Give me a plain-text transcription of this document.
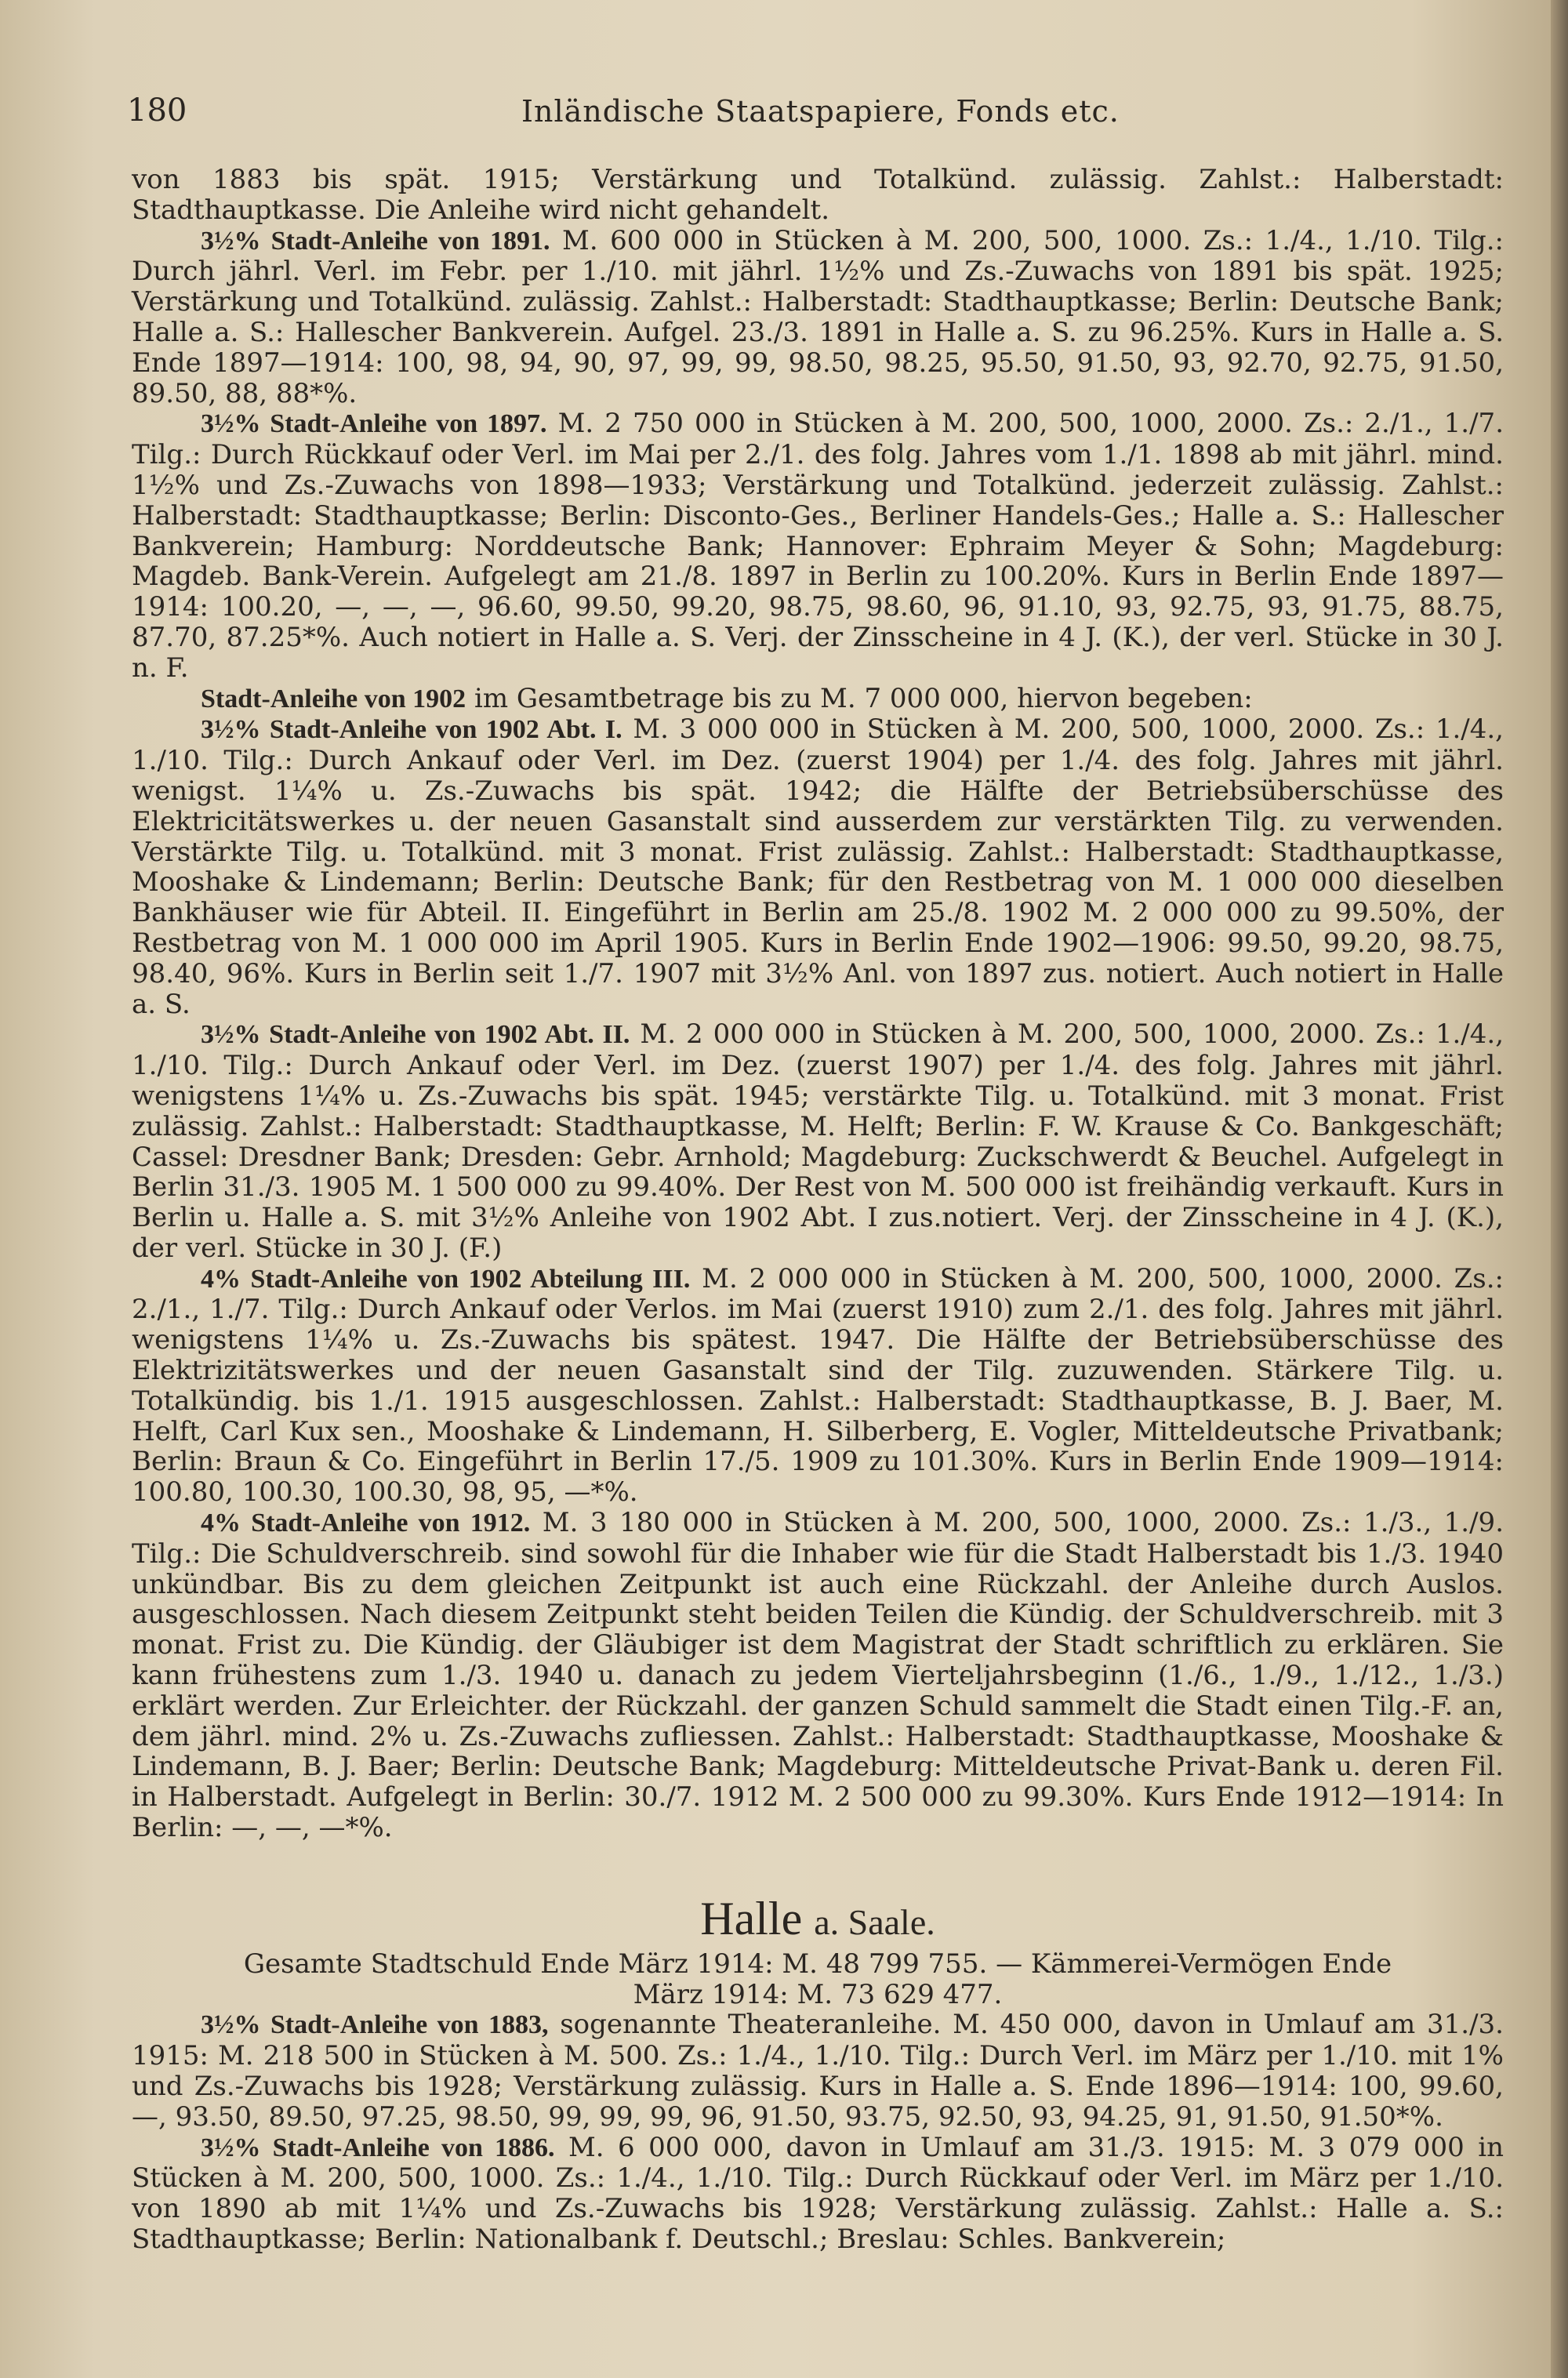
180	Inländische Staatspapiere, Fonds etc.

von 1883 bis spät. 1915; Verstärkung und Totalkünd. zulässig. Zahlst.: Halberstadt: Stadthauptkasse. Die Anleihe wird nicht gehandelt.

3½% Stadt-Anleihe von 1891. M. 600 000 in Stücken à M. 200, 500, 1000. Zs.: 1./4., 1./10. Tilg.: Durch jährl. Verl. im Febr. per 1./10. mit jährl. 1½% und Zs.-Zuwachs von 1891 bis spät. 1925; Verstärkung und Totalkünd. zulässig. Zahlst.: Halberstadt: Stadthauptkasse; Berlin: Deutsche Bank; Halle a. S.: Hallescher Bankverein. Aufgel. 23./3. 1891 in Halle a. S. zu 96.25%. Kurs in Halle a. S. Ende 1897—1914: 100, 98, 94, 90, 97, 99, 99, 98.50, 98.25, 95.50, 91.50, 93, 92.70, 92.75, 91.50, 89.50, 88, 88*%.

3½% Stadt-Anleihe von 1897. M. 2 750 000 in Stücken à M. 200, 500, 1000, 2000. Zs.: 2./1., 1./7. Tilg.: Durch Rückkauf oder Verl. im Mai per 2./1. des folg. Jahres vom 1./1. 1898 ab mit jährl. mind. 1½% und Zs.-Zuwachs von 1898—1933; Verstärkung und Totalkünd. jederzeit zulässig. Zahlst.: Halberstadt: Stadthauptkasse; Berlin: Disconto-Ges., Berliner Handels-Ges.; Halle a. S.: Hallescher Bankverein; Hamburg: Norddeutsche Bank; Hannover: Ephraim Meyer & Sohn; Magdeburg: Magdeb. Bank-Verein. Aufgelegt am 21./8. 1897 in Berlin zu 100.20%. Kurs in Berlin Ende 1897—1914: 100.20, —, —, —, 96.60, 99.50, 99.20, 98.75, 98.60, 96, 91.10, 93, 92.75, 93, 91.75, 88.75, 87.70, 87.25*%. Auch notiert in Halle a. S. Verj. der Zinsscheine in 4 J. (K.), der verl. Stücke in 30 J. n. F.

Stadt-Anleihe von 1902 im Gesamtbetrage bis zu M. 7 000 000, hiervon begeben:

3½% Stadt-Anleihe von 1902 Abt. I. M. 3 000 000 in Stücken à M. 200, 500, 1000, 2000. Zs.: 1./4., 1./10. Tilg.: Durch Ankauf oder Verl. im Dez. (zuerst 1904) per 1./4. des folg. Jahres mit jährl. wenigst. 1¼% u. Zs.-Zuwachs bis spät. 1942; die Hälfte der Betriebsüberschüsse des Elektricitätswerkes u. der neuen Gasanstalt sind ausserdem zur verstärkten Tilg. zu verwenden. Verstärkte Tilg. u. Totalkünd. mit 3 monat. Frist zulässig. Zahlst.: Halberstadt: Stadthauptkasse, Mooshake & Lindemann; Berlin: Deutsche Bank; für den Restbetrag von M. 1 000 000 dieselben Bankhäuser wie für Abteil. II. Eingeführt in Berlin am 25./8. 1902 M. 2 000 000 zu 99.50%, der Restbetrag von M. 1 000 000 im April 1905. Kurs in Berlin Ende 1902—1906: 99.50, 99.20, 98.75, 98.40, 96%. Kurs in Berlin seit 1./7. 1907 mit 3½% Anl. von 1897 zus. notiert. Auch notiert in Halle a. S.

3½% Stadt-Anleihe von 1902 Abt. II. M. 2 000 000 in Stücken à M. 200, 500, 1000, 2000. Zs.: 1./4., 1./10. Tilg.: Durch Ankauf oder Verl. im Dez. (zuerst 1907) per 1./4. des folg. Jahres mit jährl. wenigstens 1¼% u. Zs.-Zuwachs bis spät. 1945; verstärkte Tilg. u. Totalkünd. mit 3 monat. Frist zulässig. Zahlst.: Halberstadt: Stadthauptkasse, M. Helft; Berlin: F. W. Krause & Co. Bankgeschäft; Cassel: Dresdner Bank; Dresden: Gebr. Arnhold; Magdeburg: Zuckschwerdt & Beuchel. Aufgelegt in Berlin 31./3. 1905 M. 1 500 000 zu 99.40%. Der Rest von M. 500 000 ist freihändig verkauft. Kurs in Berlin u. Halle a. S. mit 3½% Anleihe von 1902 Abt. I zus.notiert. Verj. der Zinsscheine in 4 J. (K.), der verl. Stücke in 30 J. (F.)

4% Stadt-Anleihe von 1902 Abteilung III. M. 2 000 000 in Stücken à M. 200, 500, 1000, 2000. Zs.: 2./1., 1./7. Tilg.: Durch Ankauf oder Verlos. im Mai (zuerst 1910) zum 2./1. des folg. Jahres mit jährl. wenigstens 1¼% u. Zs.-Zuwachs bis spätest. 1947. Die Hälfte der Betriebsüberschüsse des Elektrizitätswerkes und der neuen Gasanstalt sind der Tilg. zuzuwenden. Stärkere Tilg. u. Totalkündig. bis 1./1. 1915 ausgeschlossen. Zahlst.: Halberstadt: Stadthauptkasse, B. J. Baer, M. Helft, Carl Kux sen., Mooshake & Lindemann, H. Silberberg, E. Vogler, Mitteldeutsche Privatbank; Berlin: Braun & Co. Eingeführt in Berlin 17./5. 1909 zu 101.30%. Kurs in Berlin Ende 1909—1914: 100.80, 100.30, 100.30, 98, 95, —*%.

4% Stadt-Anleihe von 1912. M. 3 180 000 in Stücken à M. 200, 500, 1000, 2000. Zs.: 1./3., 1./9. Tilg.: Die Schuldverschreib. sind sowohl für die Inhaber wie für die Stadt Halberstadt bis 1./3. 1940 unkündbar. Bis zu dem gleichen Zeitpunkt ist auch eine Rückzahl. der Anleihe durch Auslos. ausgeschlossen. Nach diesem Zeitpunkt steht beiden Teilen die Kündig. der Schuldverschreib. mit 3 monat. Frist zu. Die Kündig. der Gläubiger ist dem Magistrat der Stadt schriftlich zu erklären. Sie kann frühestens zum 1./3. 1940 u. danach zu jedem Vierteljahrsbeginn (1./6., 1./9., 1./12., 1./3.) erklärt werden. Zur Erleichter. der Rückzahl. der ganzen Schuld sammelt die Stadt einen Tilg.-F. an, dem jährl. mind. 2% u. Zs.-Zuwachs zufliessen. Zahlst.: Halberstadt: Stadthauptkasse, Mooshake & Lindemann, B. J. Baer; Berlin: Deutsche Bank; Magdeburg: Mitteldeutsche Privat-Bank u. deren Fil. in Halberstadt. Aufgelegt in Berlin: 30./7. 1912 M. 2 500 000 zu 99.30%. Kurs Ende 1912—1914: In Berlin: —, —, —*%.

Halle a. Saale.

Gesamte Stadtschuld Ende März 1914: M. 48 799 755. — Kämmerei-Vermögen Ende
März 1914: M. 73 629 477.

3½% Stadt-Anleihe von 1883, sogenannte Theateranleihe. M. 450 000, davon in Umlauf am 31./3. 1915: M. 218 500 in Stücken à M. 500. Zs.: 1./4., 1./10. Tilg.: Durch Verl. im März per 1./10. mit 1% und Zs.-Zuwachs bis 1928; Verstärkung zulässig. Kurs in Halle a. S. Ende 1896—1914: 100, 99.60, —, 93.50, 89.50, 97.25, 98.50, 99, 99, 99, 96, 91.50, 93.75, 92.50, 93, 94.25, 91, 91.50, 91.50*%.

3½% Stadt-Anleihe von 1886. M. 6 000 000, davon in Umlauf am 31./3. 1915: M. 3 079 000 in Stücken à M. 200, 500, 1000. Zs.: 1./4., 1./10. Tilg.: Durch Rückkauf oder Verl. im März per 1./10. von 1890 ab mit 1¼% und Zs.-Zuwachs bis 1928; Verstärkung zulässig. Zahlst.: Halle a. S.: Stadthauptkasse; Berlin: Nationalbank f. Deutschl.; Breslau: Schles. Bankverein;
